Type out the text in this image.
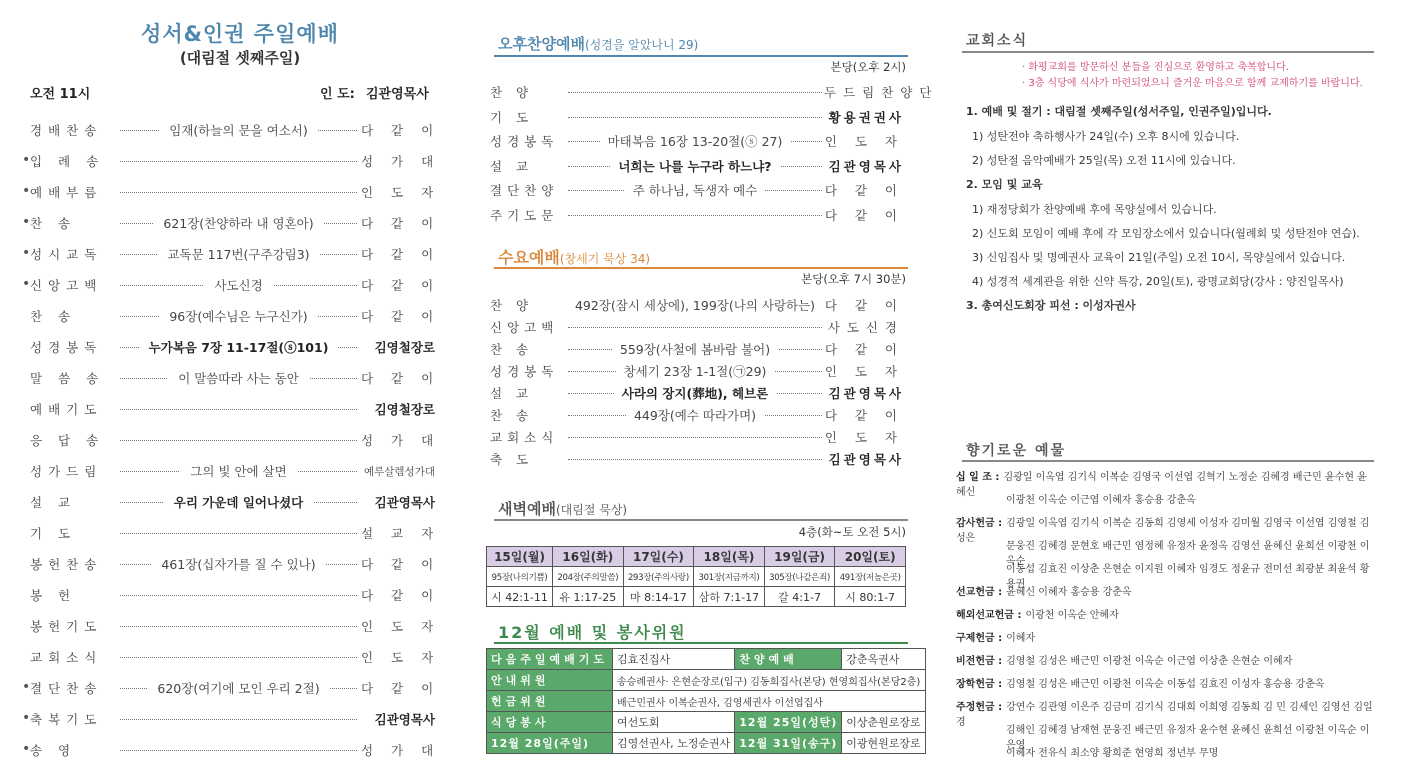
성서&인권 주일예배
(대림절 셋째주일)
오전 11시	인 도: 김관영목사
경배찬송	임재(하늘의 문을 여소서)	다 같 이
입 례 송	성 가 대
•
예배부름	인 도 자
•
찬 송	621장(찬양하라 내 영혼아)	다 같 이
•
성시교독	교독문 117번(구주강림3)	다 같 이
•
신앙고백	사도신경	다 같 이
•
찬 송	96장(예수님은 누구신가)	다 같 이
성경봉독	누가복음 7장 11-17절(ⓢ101)	김영철장로
말 씀 송	이 말씀따라 사는 동안	다 같 이
예배기도	김영철장로
응 답 송	성 가 대
성가드림	그의 빛 안에 살면	예루살렘성가대
설 교	우리 가운데 일어나셨다	김관영목사
기 도	설 교 자
봉헌찬송	461장(십자가를 질 수 있나)	다 같 이
봉 헌	다 같 이
봉헌기도	인 도 자
교회소식	인 도 자
결단찬송	620장(여기에 모인 우리 2절)	다 같 이
•
축복기도	김관영목사
•
송 영	성 가 대
•
오후찬양예배(성경을 알았나니 29)
본당(오후 2시)
찬 양	두드림찬양단
기 도	황용권권사
성경봉독	마태복음 16장 13-20절(ⓢ 27)	인 도 자
설 교	너희는 나를 누구라 하느냐?	김관영목사
결단찬양	주 하나님, 독생자 예수	다 같 이
주기도문	다 같 이
수요예배(창세기 묵상 34)
본당(오후 7시 30분)
찬 양	492장(잠시 세상에), 199장(나의 사랑하는) 다 같 이
신앙고백	사도신경
찬 송	559장(사철에 봄바람 불어)	다 같 이
성경봉독	창세기 23장 1-1절(㉠29)	인 도 자
설 교	사라의 장지(葬地), 헤브론	김관영목사
찬 송	449장(예수 따라가며)	다 같 이
교회소식	인 도 자
축 도	김관영목사
새벽예배(대림절 묵상)
4층(화~토 오전 5시)
15일(월)	16일(화)	17일(수)	18일(목)	19일(금)	20일(토)
95장(나의기쁨)	204장(주의말씀)	293장(주의사랑)	301장(지금까지)	305장(나같은죄)	491장(저높은곳)
시 42:1-11	유 1:17-25	마 8:14-17	삼하 7:1-17	갈 4:1-7	시 80:1-7
12월 예배 및 봉사위원
다음주일예배기도	김효진집사	찬양예배	강춘옥권사
안내위원	송승례권사· 은현순장로(입구) 김동희집사(본당) 현영희집사(본당2층)		
헌금위원	배근민권사 이복순권사, 김영세권사 이선엽집사		
식당봉사	여선도회	12월 25일(성탄)	이상춘원로장로
12월 28일(주일)	김영선권사, 노정순권사	12월 31일(송구)	이광현원로장로
교회소식
· 화평교회를 방문하신 분들을 진심으로 환영하고 축복합니다.
· 3층 식당에 식사가 마련되었으니 즐거운 마음으로 함께 교제하기를 바랍니다.
1. 예배 및 절기 : 대림절 셋째주일(성서주일, 인권주일)입니다.
1) 성탄전야 축하행사가 24일(수) 오후 8시에 있습니다.
2) 성탄절 음악예배가 25일(목) 오전 11시에 있습니다.
2. 모임 및 교육
1) 재정당회가 찬양예배 후에 목양실에서 있습니다.
2) 신도회 모임이 예배 후에 각 모임장소에서 있습니다(월례회 및 성탄전야 연습).
3) 신임집사 및 명예권사 교육이 21일(주일) 오전 10시, 목양실에서 있습니다.
4) 성경적 세계관을 위한 신약 특강, 20일(토), 광명교회당(강사 : 양진일목사)
3. 총여신도회장 피선 : 이성자권사
향기로운 예물
십 일 조 : 김광일 이옥엽 김기식 이복순 김영국 이선엽 김혁기 노정순 김혜경 배근민 윤수현 윤혜신
이광천 이옥순 이근엽 이혜자 홍승용 강춘옥
감사헌금 : 김광일 이옥엽 김기식 이복순 김동희 김영세 이성자 김미월 김영국 이선엽 김영철 김성은
문웅진 김혜경 문현호 배근민 염정혜 유정자 윤정옥 김영선 윤혜신 윤희선 이광천 이옥순
이동섭 김효진 이상춘 은현순 이지원 이혜자 임경도 정윤규 전미선 최광분 최윤석 황용권
선교헌금 : 윤혜신 이혜자 홍승용 강춘옥
해외선교헌금 : 이광천 이옥순 안혜자
구제헌금 : 이혜자
비전헌금 : 김영철 김성은 배근민 이광천 이옥순 이근엽 이상춘 은현순 이혜자
장학헌금 : 김영철 김성은 배근민 이광천 이옥순 이동섭 김효진 이성자 홍승용 강춘옥
주정헌금 : 강연수 김관영 이은주 김금미 김기식 김대희 이희영 김동희 김 민 김세인 김영선 김일경
김해인 김혜경 남재현 문웅진 배근민 유정자 윤수현 윤혜신 윤희선 이광천 이옥순 이은영
이혜자 전유식 최소양 황희준 현영희 정년부 무명
